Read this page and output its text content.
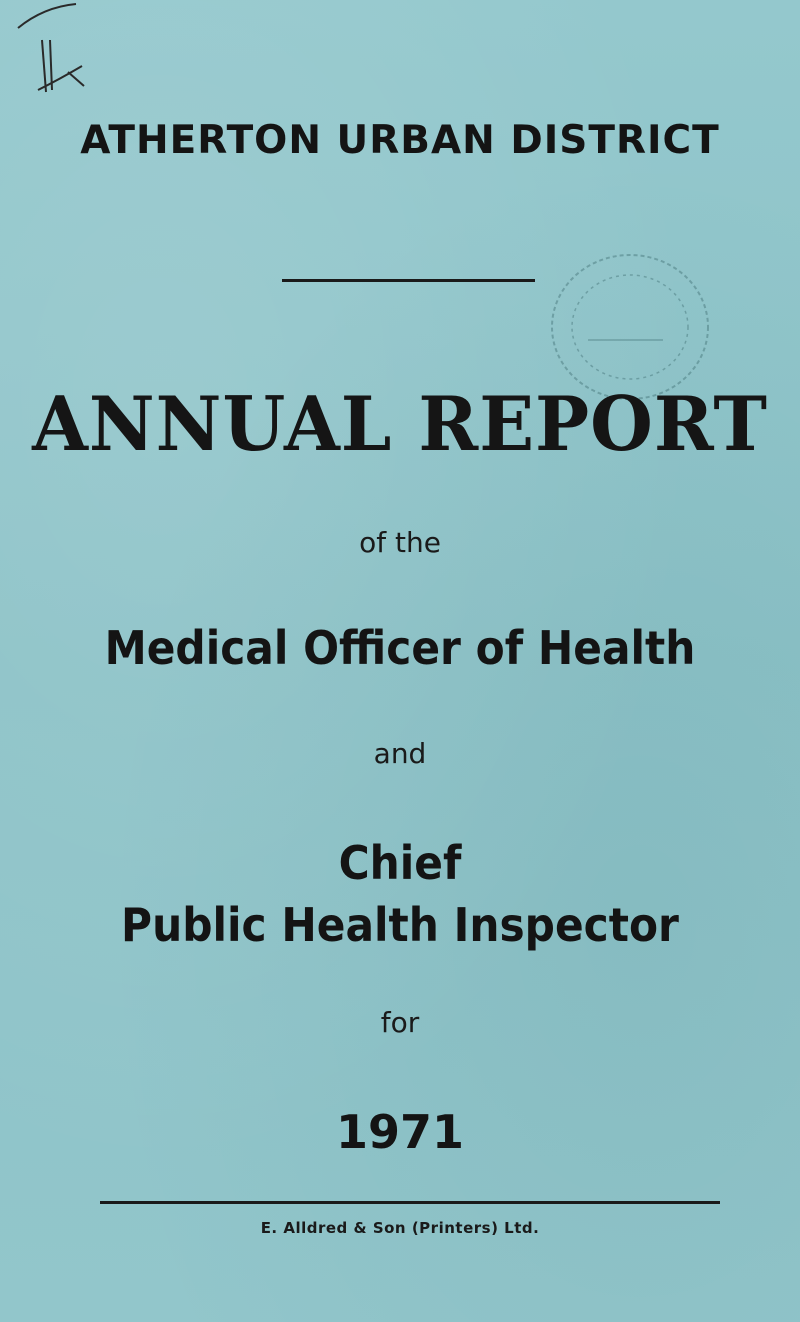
ATHERTON URBAN DISTRICT

ANNUAL REPORT

of the

Medical Officer of Health

and

Chief

Public Health Inspector

for

1971

E. Alldred & Son (Printers) Ltd.
